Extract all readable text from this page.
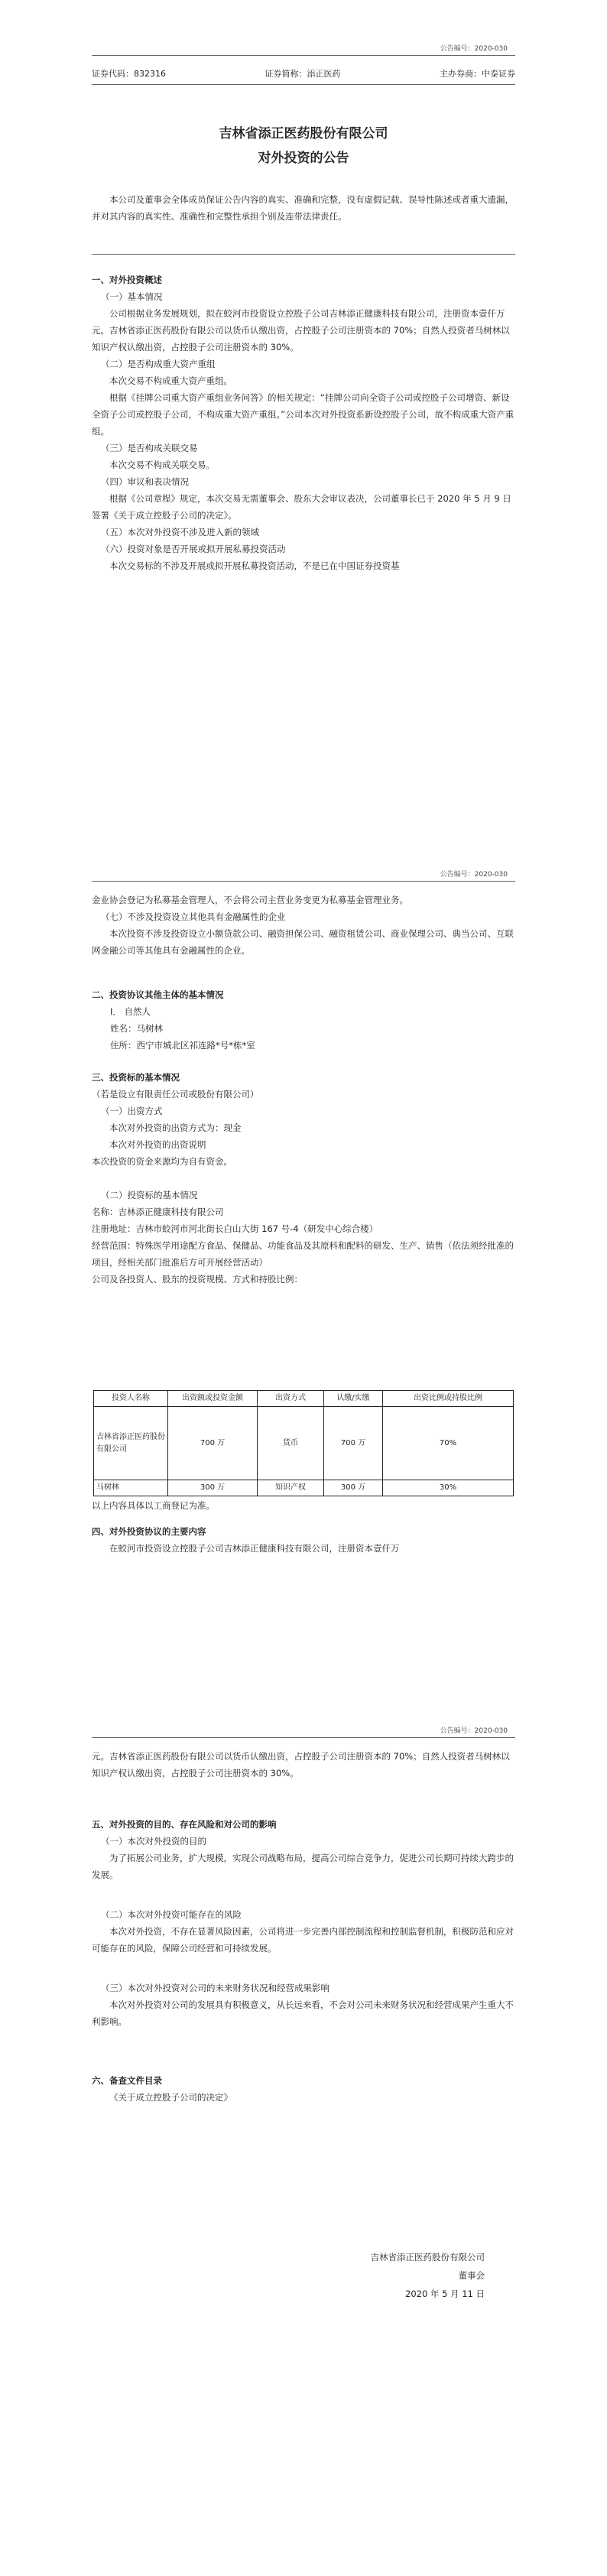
公告编号：2020-030
证券代码：832316	证券简称：添正医药	主办券商：中泰证券
吉林省添正医药股份有限公司
对外投资的公告
本公司及董事会全体成员保证公告内容的真实、准确和完整，没有虚假记载、误导性陈述或者重大遗漏，并对其内容的真实性、准确性和完整性承担个别及连带法律责任。
一、对外投资概述
（一）基本情况
公司根据业务发展规划，拟在蛟河市投资设立控股子公司吉林添正健康科技有限公司，注册资本壹仟万元。吉林省添正医药股份有限公司以货币认缴出资，占控股子公司注册资本的 70%；自然人投资者马树林以知识产权认缴出资，占控股子公司注册资本的 30%。
（二）是否构成重大资产重组
本次交易不构成重大资产重组。
根据《挂牌公司重大资产重组业务问答》的相关规定：“挂牌公司向全资子公司或控股子公司增资、新设全资子公司或控股子公司，不构成重大资产重组。”公司本次对外投资系新设控股子公司，故不构成重大资产重组。
（三）是否构成关联交易
本次交易不构成关联交易。
（四）审议和表决情况
根据《公司章程》规定，本次交易无需董事会、股东大会审议表决，公司董事长已于 2020 年 5 月 9 日签署《关于成立控股子公司的决定》。
（五）本次对外投资不涉及进入新的领域
（六）投资对象是否开展或拟开展私募投资活动
本次交易标的不涉及开展或拟开展私募投资活动，不是已在中国证券投资基
公告编号：2020-030
金业协会登记为私募基金管理人，不会将公司主营业务变更为私募基金管理业务。
（七）不涉及投资设立其他具有金融属性的企业
本次投资不涉及投资设立小额贷款公司、融资担保公司、融资租赁公司、商业保理公司、典当公司、互联网金融公司等其他具有金融属性的企业。
二、投资协议其他主体的基本情况
Ⅰ． 自然人
姓名：马树林
住所：西宁市城北区祁连路*号*栋*室
三、投资标的基本情况
（若是设立有限责任公司或股份有限公司）
（一）出资方式
本次对外投资的出资方式为：现金
本次对外投资的出资说明
本次投资的资金来源均为自有资金。
（二）投资标的基本情况
名称：吉林添正健康科技有限公司
注册地址：吉林市蛟河市河北街长白山大街 167 号-4（研发中心综合楼）
经营范围：特殊医学用途配方食品、保健品、功能食品及其原料和配料的研发、生产、销售（依法须经批准的项目，经相关部门批准后方可开展经营活动）
公司及各投资人、股东的投资规模、方式和持股比例：
投资人名称	出资额或投资金额	出资方式	认缴/实缴	出资比例或持股比例
吉林省添正医药股份有限公司	700 万	货币	700 万	70%
马树林	300 万	知识产权	300 万	30%
以上内容具体以工商登记为准。
四、对外投资协议的主要内容
在蛟河市投资设立控股子公司吉林添正健康科技有限公司，注册资本壹仟万
公告编号：2020-030
元。吉林省添正医药股份有限公司以货币认缴出资，占控股子公司注册资本的 70%；自然人投资者马树林以知识产权认缴出资，占控股子公司注册资本的 30%。
五、对外投资的目的、存在风险和对公司的影响
（一）本次对外投资的目的
为了拓展公司业务，扩大规模，实现公司战略布局，提高公司综合竞争力，促进公司长期可持续大跨步的发展。
（二）本次对外投资可能存在的风险
本次对外投资，不存在显著风险因素，公司将进一步完善内部控制流程和控制监督机制，积极防范和应对可能存在的风险，保障公司经营和可持续发展。
（三）本次对外投资对公司的未来财务状况和经营成果影响
本次对外投资对公司的发展具有积极意义，从长远来看，不会对公司未来财务状况和经营成果产生重大不利影响。
六、备查文件目录
《关于成立控股子公司的决定》
吉林省添正医药股份有限公司
董事会
2020 年 5 月 11 日
